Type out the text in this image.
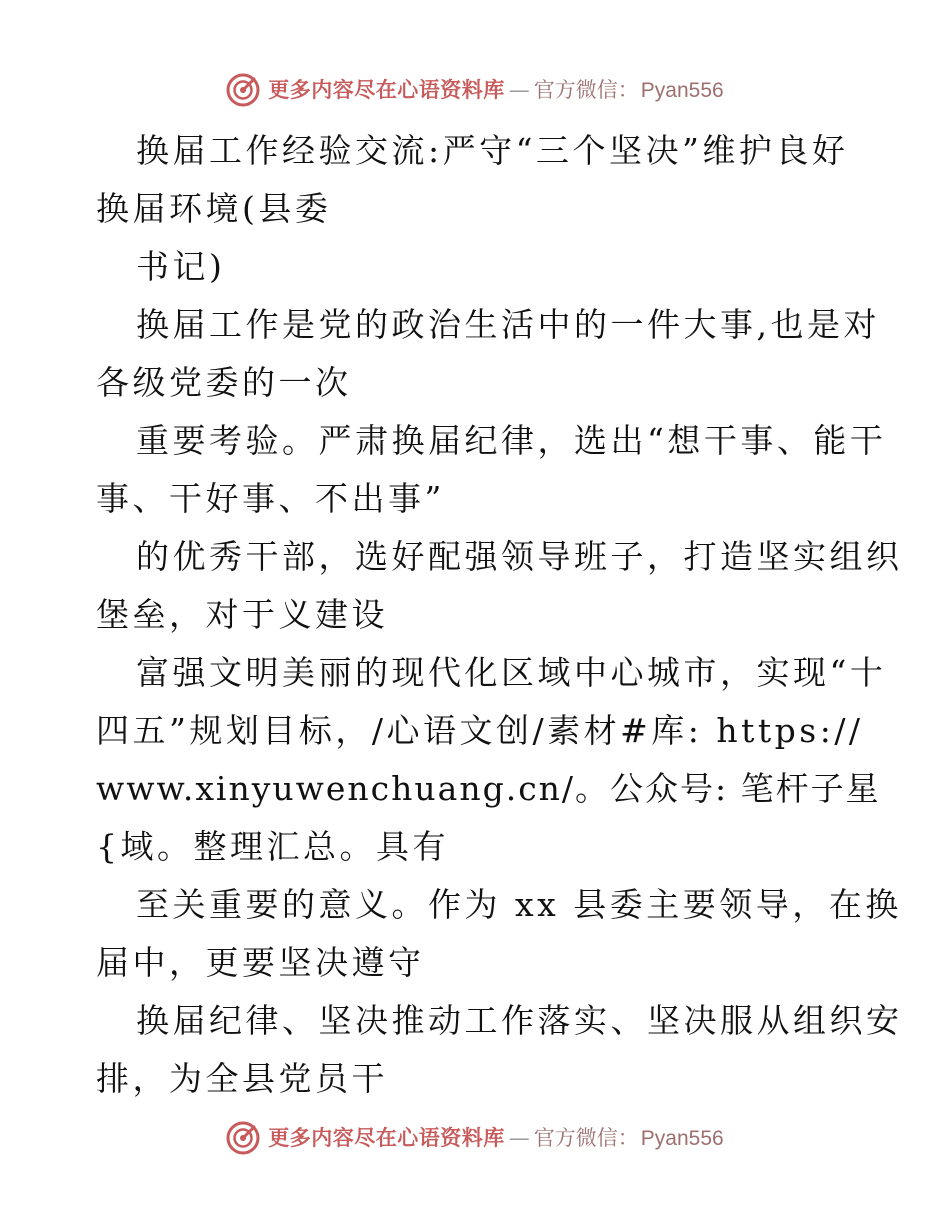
更多内容尽在心语资料库 — 官方微信： Pyan556
换届工作经验交流:严守“三个坚决”维护良好
换届环境(县委
书记)
换届工作是党的政治生活中的一件大事,也是对
各级党委的一次
重要考验。严肃换届纪律，选出“想干事、能干
事、干好事、不出事”
的优秀干部，选好配强领导班子，打造坚实组织
堡垒，对于义建设
富强文明美丽的现代化区域中心城市，实现“十
四五”规划目标，/心语文创/素材#库: https://
www.xinyuwenchuang.cn/。公众号: 笔杆子星
{域。整理汇总。具有
至关重要的意义。作为 xx 县委主要领导，在换
届中，更要坚决遵守
换届纪律、坚决推动工作落实、坚决服从组织安
排，为全县党员干
更多内容尽在心语资料库 — 官方微信： Pyan556
